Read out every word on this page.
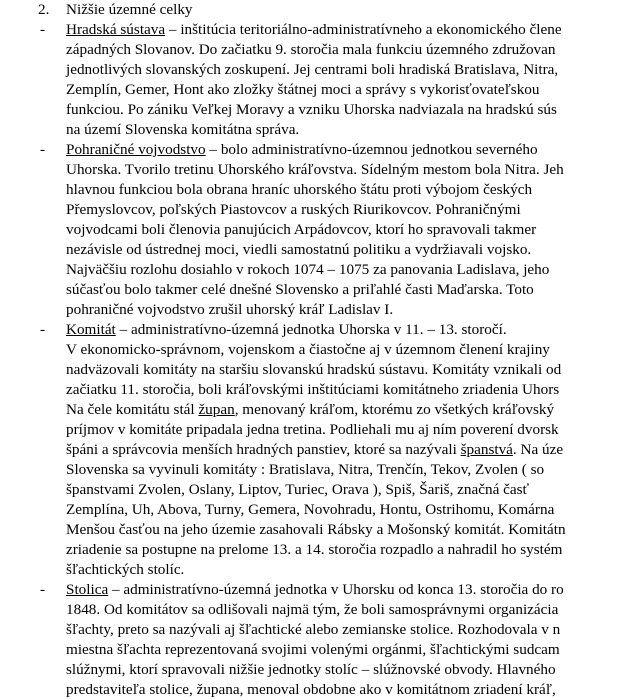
2. Nižšie územné celky
- Hradská sústava – inštitúcia teritoriálno-administratívneho a ekonomického člene
západných Slovanov. Do začiatku 9. storočia mala funkciu územného združovan
jednotlivých slovanských zoskupení. Jej centrami boli hradiská Bratislava, Nitra,
Zemplín, Gemer, Hont ako zložky štátnej moci a správy s vykorisťovateľskou
funkciou. Po zániku Veľkej Moravy a vzniku Uhorska nadviazala na hradskú sús
na území Slovenska komitátna správa.
- Pohraničné vojvodstvo – bolo administratívno-územnou jednotkou severného
Uhorska. Tvorilo tretinu Uhorského kráľovstva. Sídelným mestom bola Nitra. Jeh
hlavnou funkciou bola obrana hraníc uhorského štátu proti výbojom českých
Přemyslovcov, poľských Piastovcov a ruských Riurikovcov. Pohraničnými
vojvodcami boli členovia panujúcich Arpádovcov, ktorí ho spravovali takmer
nezávisle od ústrednej moci, viedli samostatnú politiku a vydržiavali vojsko.
Najväčšiu rozlohu dosiahlo v rokoch 1074 – 1075 za panovania Ladislava, jeho
súčasťou bolo takmer celé dnešné Slovensko a priľahlé časti Maďarska. Toto
pohraničné vojvodstvo zrušil uhorský kráľ Ladislav I.
- Komitát – administratívno-územná jednotka Uhorska v 11. – 13. storočí.
V ekonomicko-správnom, vojenskom a čiastočne aj v územnom členení krajiny
nadväzovali komitáty na staršiu slovanskú hradskú sústavu. Komitáty vznikali od
začiatku 11. storočia, boli kráľovskými inštitúciami komitátneho zriadenia Uhors
Na čele komitátu stál župan, menovaný kráľom, ktorému zo všetkých kráľovský
príjmov v komitáte pripadala jedna tretina. Podliehali mu aj ním poverení dvorsk
špáni a správcovia menších hradných panstiev, ktoré sa nazývali španstvá. Na úze
Slovenska sa vyvinuli komitáty : Bratislava, Nitra, Trenčín, Tekov, Zvolen ( so
španstvami Zvolen, Oslany, Liptov, Turiec, Orava ), Spiš, Šariš, značná časť
Zemplína, Uh, Abova, Turny, Gemera, Novohradu, Hontu, Ostrihomu, Komárna
Menšou časťou na jeho územie zasahovali Rábsky a Mošonský komitát. Komitátn
zriadenie sa postupne na prelome 13. a 14. storočia rozpadlo a nahradil ho systém
šľachtických stolíc.
- Stolica – administratívno-územná jednotka v Uhorsku od konca 13. storočia do ro
1848. Od komitátov sa odlišovali najmä tým, že boli samosprávnymi organizácia
šľachty, preto sa nazývali aj šľachtické alebo zemianske stolice. Rozhodovala v n
miestna šľachta reprezentovaná svojimi volenými orgánmi, šľachtickými sudcam
slúžnymi, ktorí spravovali nižšie jednotky stolíc – slúžnovské obvody. Hlavného
predstaviteľa stolice, župana, menoval obdobne ako v komitátnom zriadení kráľ,
